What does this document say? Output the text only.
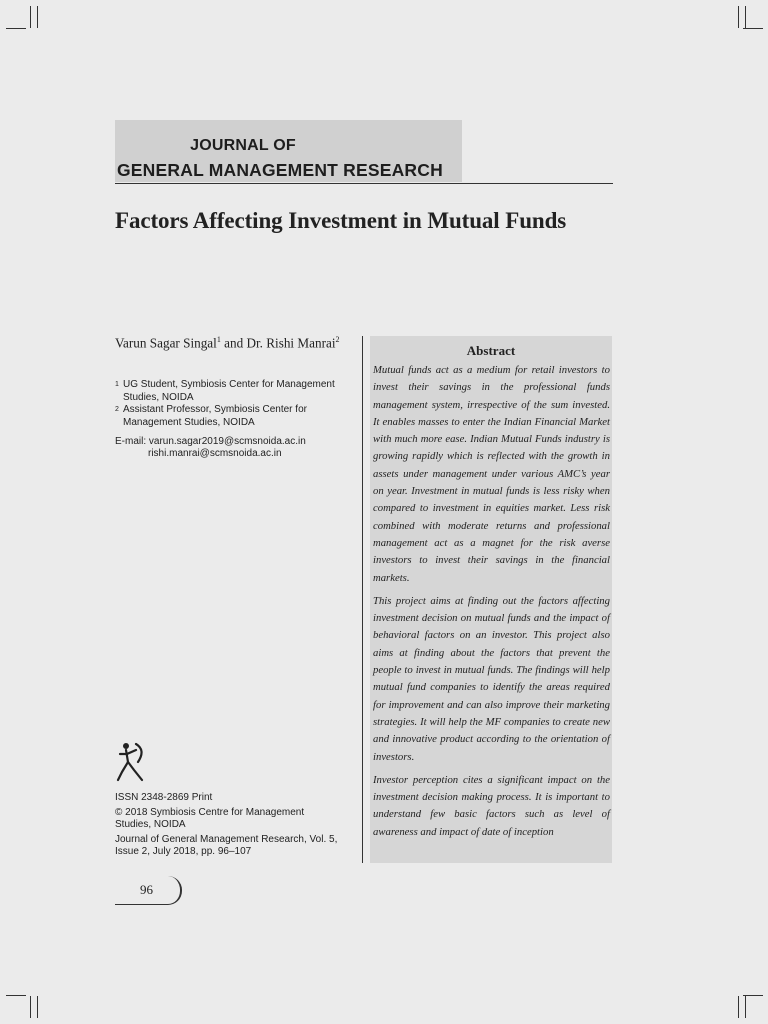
JOURNAL OF
GENERAL MANAGEMENT RESEARCH
Factors Affecting Investment in Mutual Funds
Varun Sagar Singal$^1$ and Dr. Rishi Manrai$^2$
1 UG Student, Symbiosis Center for Management
Studies, NOIDA
2 Assistant Professor, Symbiosis Center for
Management Studies, NOIDA
E-mail: varun.sagar2019@scmsnoida.ac.in
rishi.manrai@scmsnoida.ac.in
Abstract

Mutual funds act as a medium for retail investors to invest their savings in the professional funds management system, irrespective of the sum invested. It enables masses to enter the Indian Financial Market with much more ease. Indian Mutual Funds industry is growing rapidly which is reflected with the growth in assets under management under various AMC’s year on year. Investment in mutual funds is less risky when compared to investment in equities market. Less risk combined with moderate returns and professional management act as a magnet for the risk averse investors to invest their savings in the financial markets.

This project aims at finding out the factors affecting investment decision on mutual funds and the impact of behavioral factors on an investor. This project also aims at finding about the factors that prevent the people to invest in mutual funds. The findings will help mutual fund companies to identify the areas required for improvement and can also improve their marketing strategies. It will help the MF companies to create new and innovative product according to the orientation of investors.

Investor perception cites a significant impact on the investment decision making process. It is important to understand few basic factors such as level of awareness and impact of date of inception

ISSN 2348-2869 Print
© 2018 Symbiosis Centre for Management
Studies, NOIDA
Journal of General Management Research, Vol. 5,
Issue 2, July 2018, pp. 96–107
96
